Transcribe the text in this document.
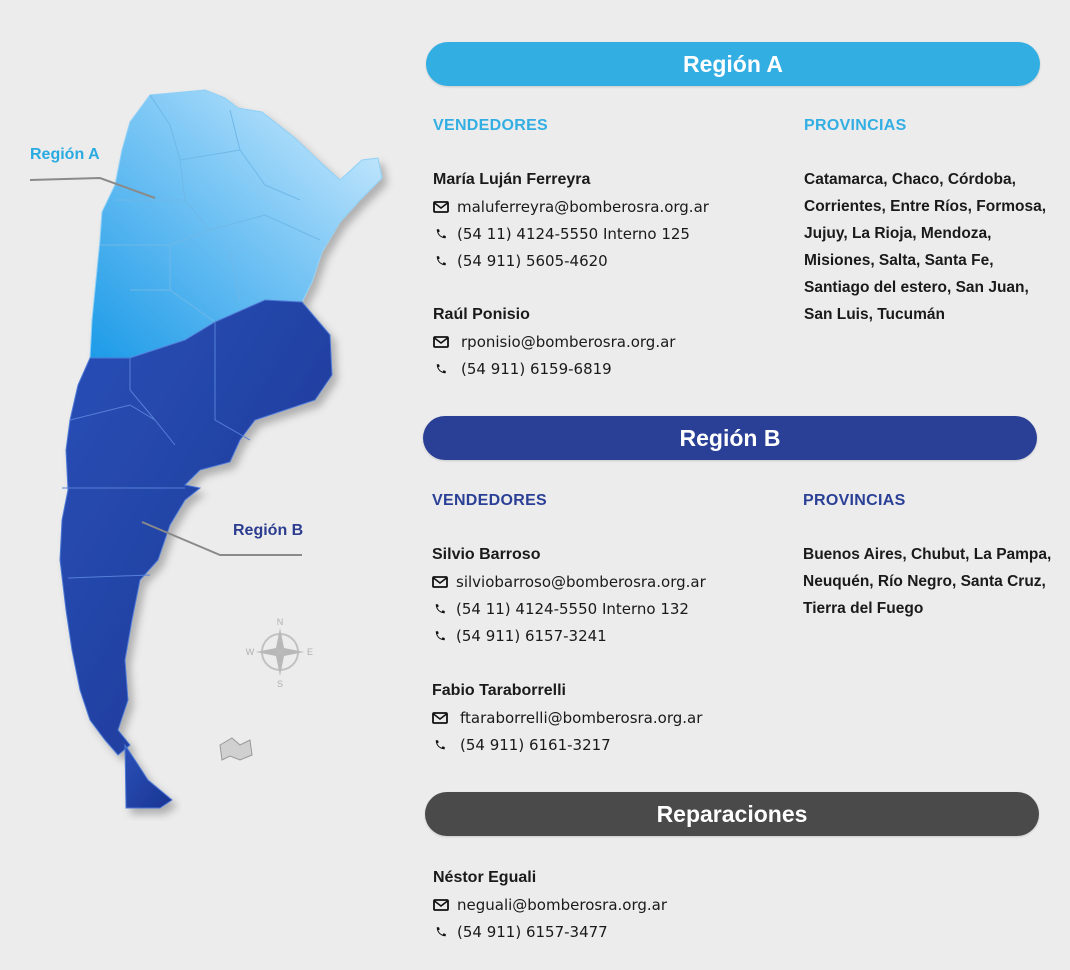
N
S
E
W
Región A
Región B
Región A
VENDEDORES	PROVINCIAS
María Luján Ferreyra
maluferreyra@bomberosra.org.ar
(54 11) 4124-5550 Interno 125
(54 911) 5605-4620
Raúl Ponisio
rponisio@bomberosra.org.ar
(54 911) 6159-6819
Catamarca, Chaco, Córdoba,
Corrientes, Entre Ríos, Formosa,
Jujuy, La Rioja, Mendoza,
Misiones, Salta, Santa Fe,
Santiago del estero, San Juan,
San Luis, Tucumán
Región B
VENDEDORES	PROVINCIAS
Silvio Barroso
silviobarroso@bomberosra.org.ar
(54 11) 4124-5550 Interno 132
(54 911) 6157-3241
Fabio Taraborrelli
ftaraborrelli@bomberosra.org.ar
(54 911) 6161-3217
Buenos Aires, Chubut, La Pampa,
Neuquén, Río Negro, Santa Cruz,
Tierra del Fuego
Reparaciones
Néstor Eguali
neguali@bomberosra.org.ar
(54 911) 6157-3477
